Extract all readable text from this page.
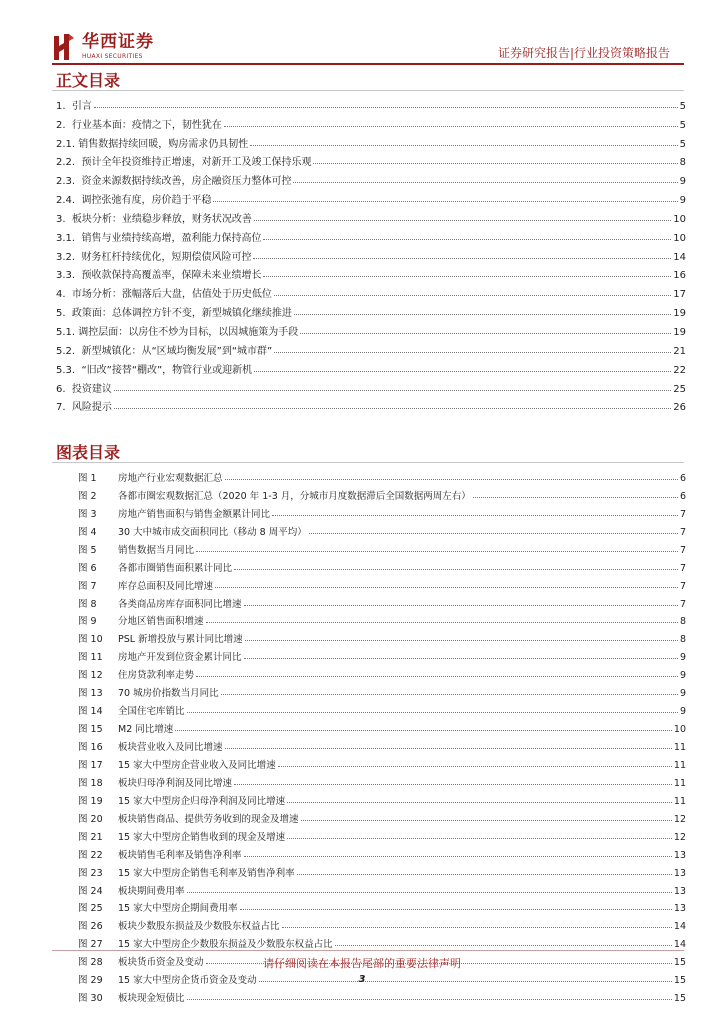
华西证券
HUAXI SECURITIES	证券研究报告|行业投资策略报告
正文目录
1. 引言	5
2. 行业基本面：疫情之下，韧性犹在	5
2.1. 销售数据持续回暖，购房需求仍具韧性	5
2.2. 预计全年投资维持正增速，对新开工及竣工保持乐观	8
2.3. 资金来源数据持续改善，房企融资压力整体可控	9
2.4. 调控张弛有度，房价趋于平稳	9
3. 板块分析：业绩稳步释放，财务状况改善	10
3.1. 销售与业绩持续高增，盈利能力保持高位	10
3.2. 财务杠杆持续优化，短期偿债风险可控	14
3.3. 预收款保持高覆盖率，保障未来业绩增长	16
4. 市场分析：涨幅落后大盘，估值处于历史低位	17
5. 政策面：总体调控方针不变，新型城镇化继续推进	19
5.1. 调控层面：以房住不炒为目标，以因城施策为手段	19
5.2. 新型城镇化：从“区域均衡发展”到“城市群”	21
5.3. “旧改”接替“棚改”，物管行业或迎新机	22
6. 投资建议	25
7. 风险提示	26
图表目录
图 1	房地产行业宏观数据汇总	6
图 2	各都市圈宏观数据汇总（2020 年 1-3 月，分城市月度数据滞后全国数据两周左右）	6
图 3	房地产销售面积与销售金额累计同比	7
图 4	30 大中城市成交面积同比（移动 8 周平均）	7
图 5	销售数据当月同比	7
图 6	各都市圈销售面积累计同比	7
图 7	库存总面积及同比增速	7
图 8	各类商品房库存面积同比增速	7
图 9	分地区销售面积增速	8
图 10	PSL 新增投放与累计同比增速	8
图 11	房地产开发到位资金累计同比	9
图 12	住房贷款利率走势	9
图 13	70 城房价指数当月同比	9
图 14	全国住宅库销比	9
图 15	M2 同比增速	10
图 16	板块营业收入及同比增速	11
图 17	15 家大中型房企营业收入及同比增速	11
图 18	板块归母净利润及同比增速	11
图 19	15 家大中型房企归母净利润及同比增速	11
图 20	板块销售商品、提供劳务收到的现金及增速	12
图 21	15 家大中型房企销售收到的现金及增速	12
图 22	板块销售毛利率及销售净利率	13
图 23	15 家大中型房企销售毛利率及销售净利率	13
图 24	板块期间费用率	13
图 25	15 家大中型房企期间费用率	13
图 26	板块少数股东损益及少数股东权益占比	14
图 27	15 家大中型房企少数股东损益及少数股东权益占比	14
图 28	板块货币资金及变动	15
图 29	15 家大中型房企货币资金及变动	15
图 30	板块现金短债比	15
请仔细阅读在本报告尾部的重要法律声明
3
